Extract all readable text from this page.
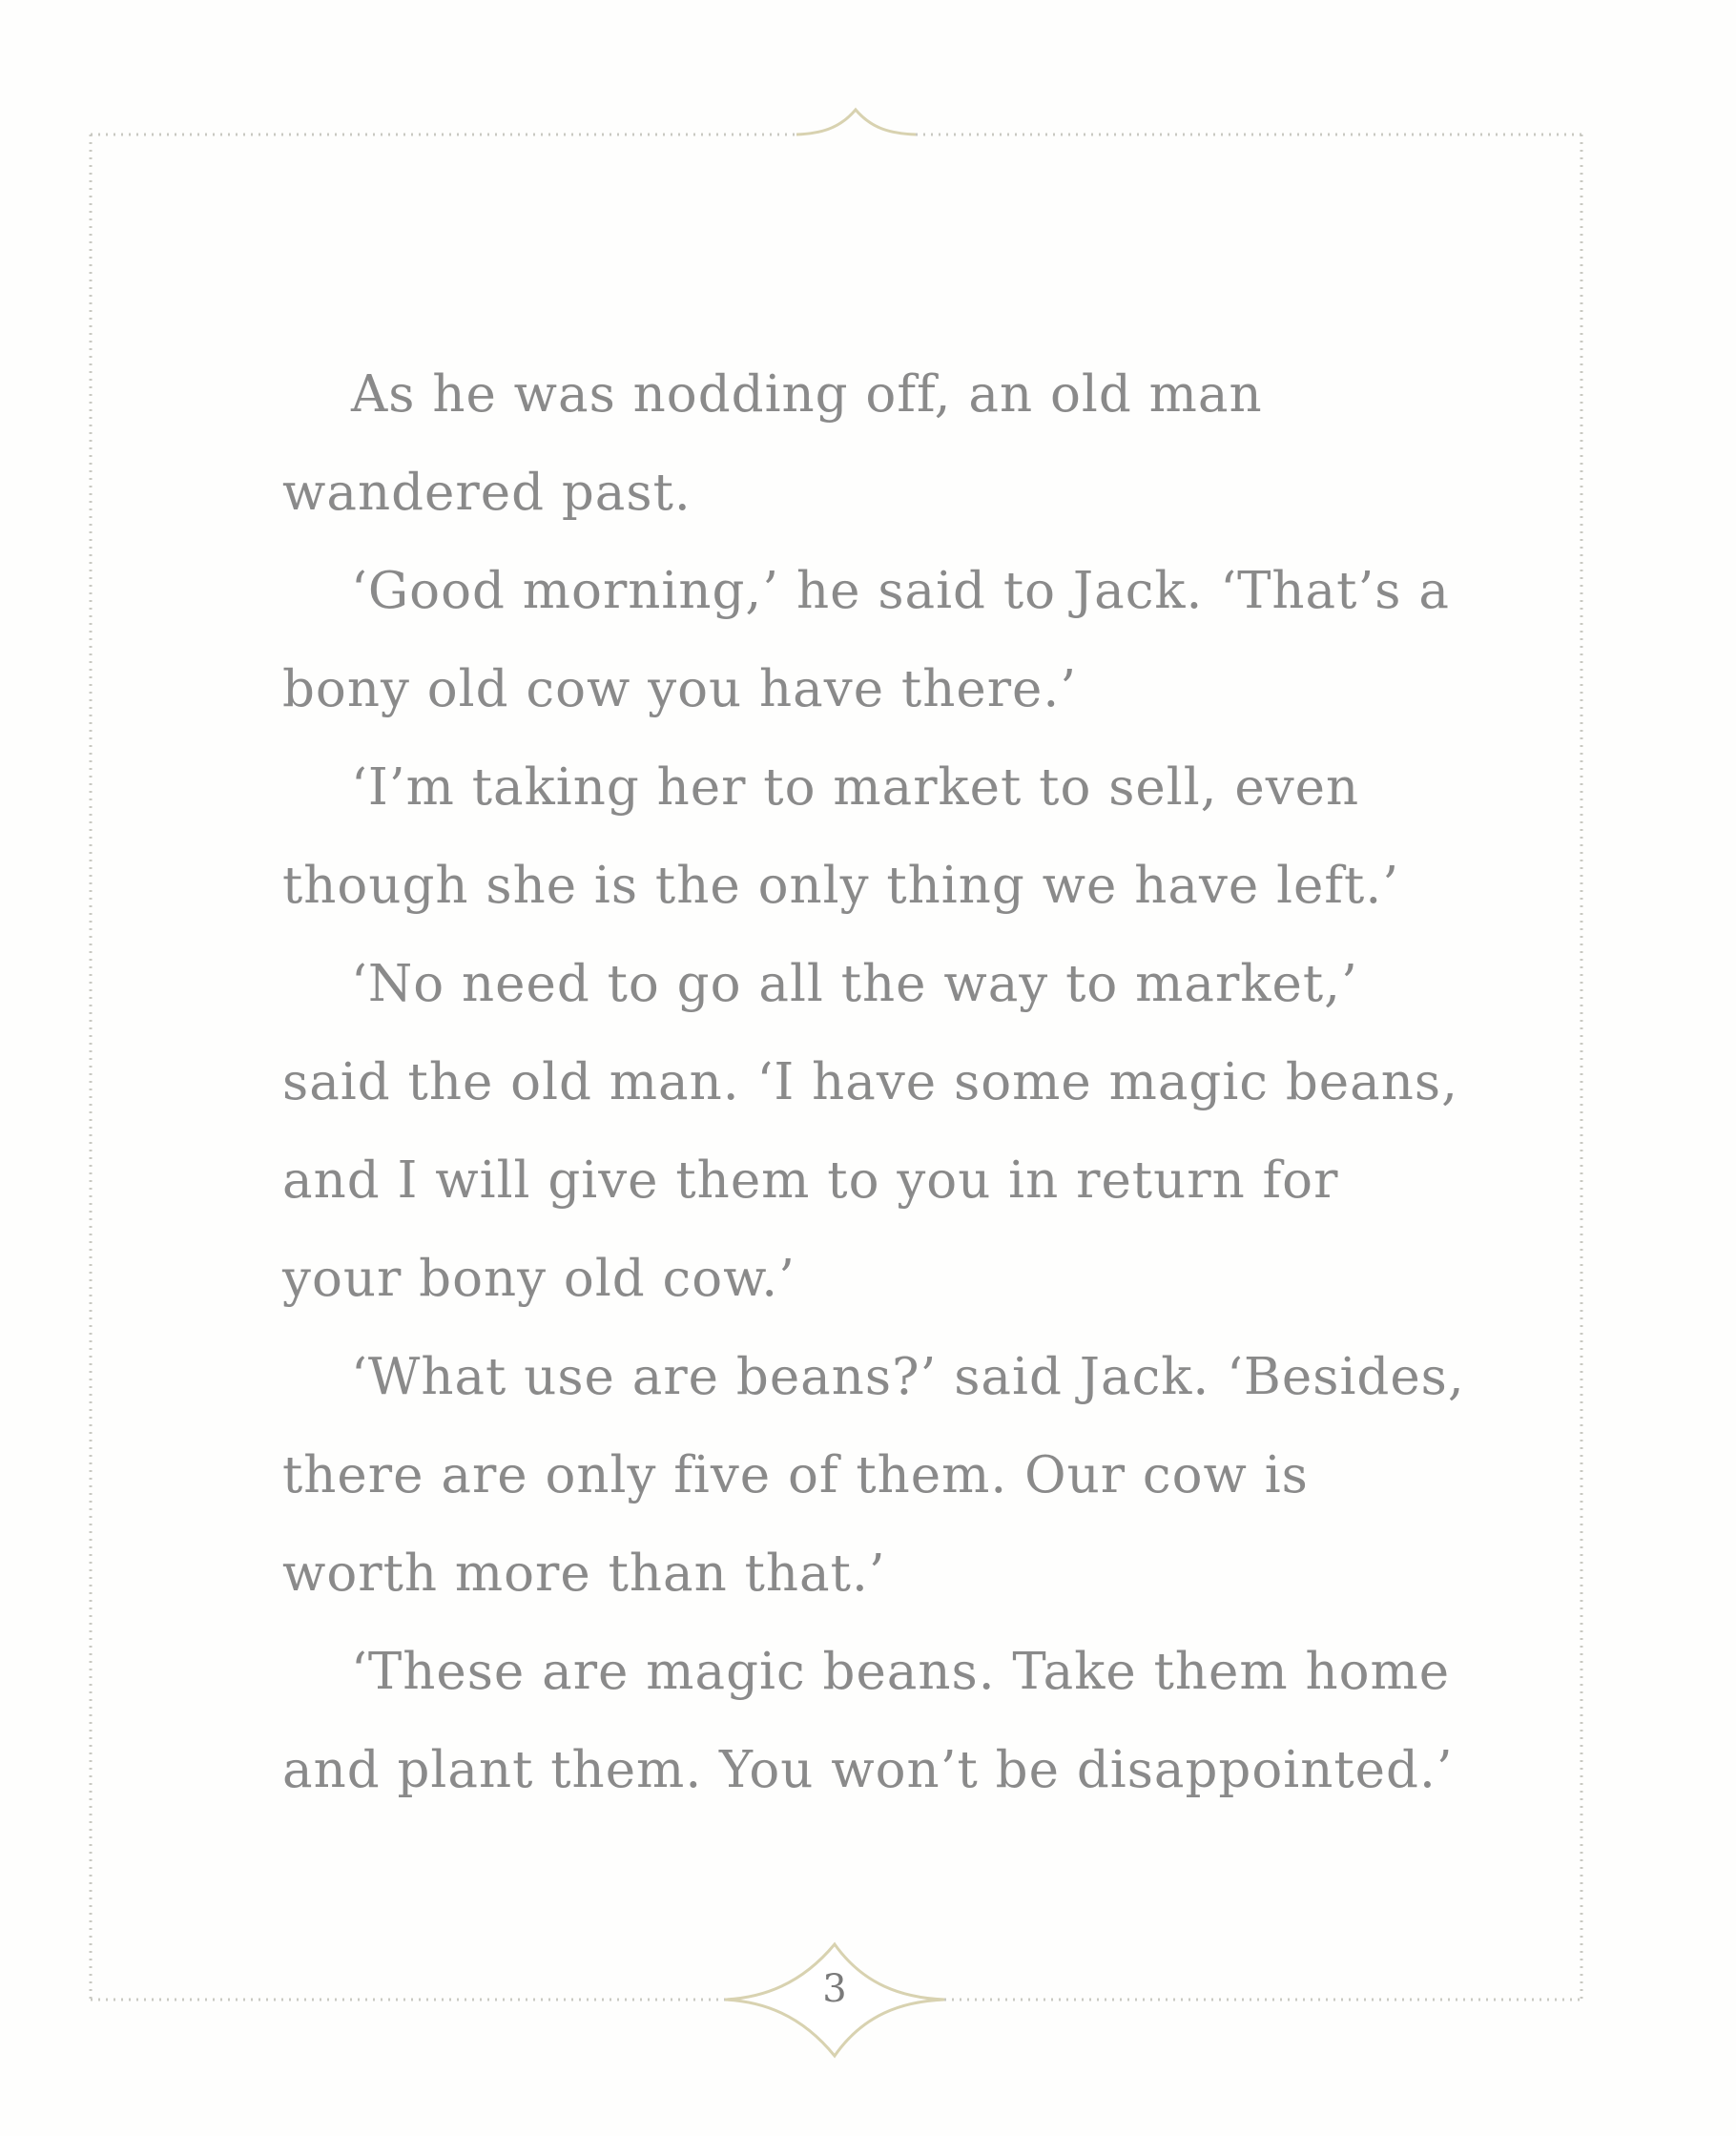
As he was nodding off, an old man
wandered past.

‘Good morning,’ he said to Jack. ‘That’s a
bony old cow you have there.’

‘I’m taking her to market to sell, even
though she is the only thing we have left.’

‘No need to go all the way to market,’
said the old man. ‘I have some magic beans,
and I will give them to you in return for
your bony old cow.’

‘What use are beans?’ said Jack. ‘Besides,
there are only five of them. Our cow is
worth more than that.’

‘These are magic beans. Take them home
and plant them. You won’t be disappointed.’

3
